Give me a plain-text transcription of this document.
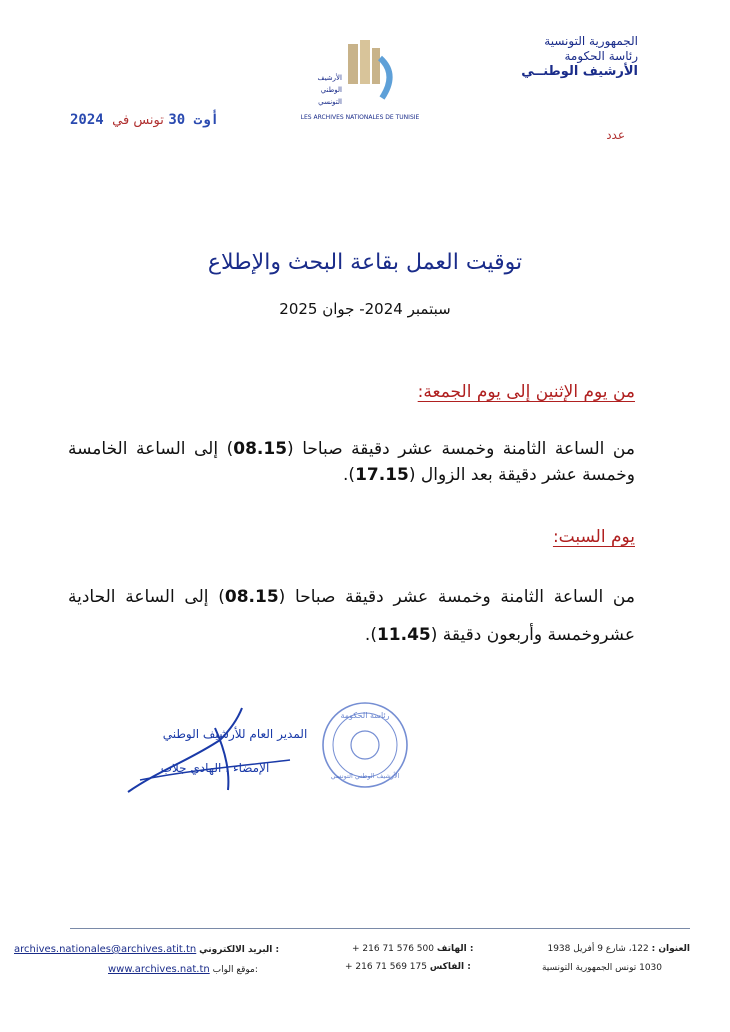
الجمهورية التونسية
رئاسة الحكومة
الأرشيف الوطنــي
الأرشيف
الوطني
التونسي
LES ARCHIVES NATIONALES DE TUNISIE
2024 أوت 30 تونس في
عدد
توقيت العمل بقاعة البحث والإطلاع
سبتمبر 2024- جوان 2025
من يوم الإثنين إلى يوم الجمعة:
من الساعة الثامنة وخمسة عشر دقيقة صباحا (08.15) إلى الساعة الخامسة وخمسة عشر دقيقة بعد الزوال (17.15).
يوم السبت:
من الساعة الثامنة وخمسة عشر دقيقة صباحا (08.15) إلى الساعة الحادية عشروخمسة وأربعون دقيقة (11.45).
المدير العام للأرشيف الوطني
الإمضاء : الهادي جلاب
رئاسة الحكومة
الأرشيف الوطني التونسي
العنوان : 122، شارع 9 أفريل 1938
1030 تونس الجمهورية التونسية
+ 216 71 576 500 الهاتف :
+ 216 71 569 175 الفاكس :
archives.nationales@archives.atit.tn البريد الالكتروني :
www.archives.nat.tn موقع الواب:
